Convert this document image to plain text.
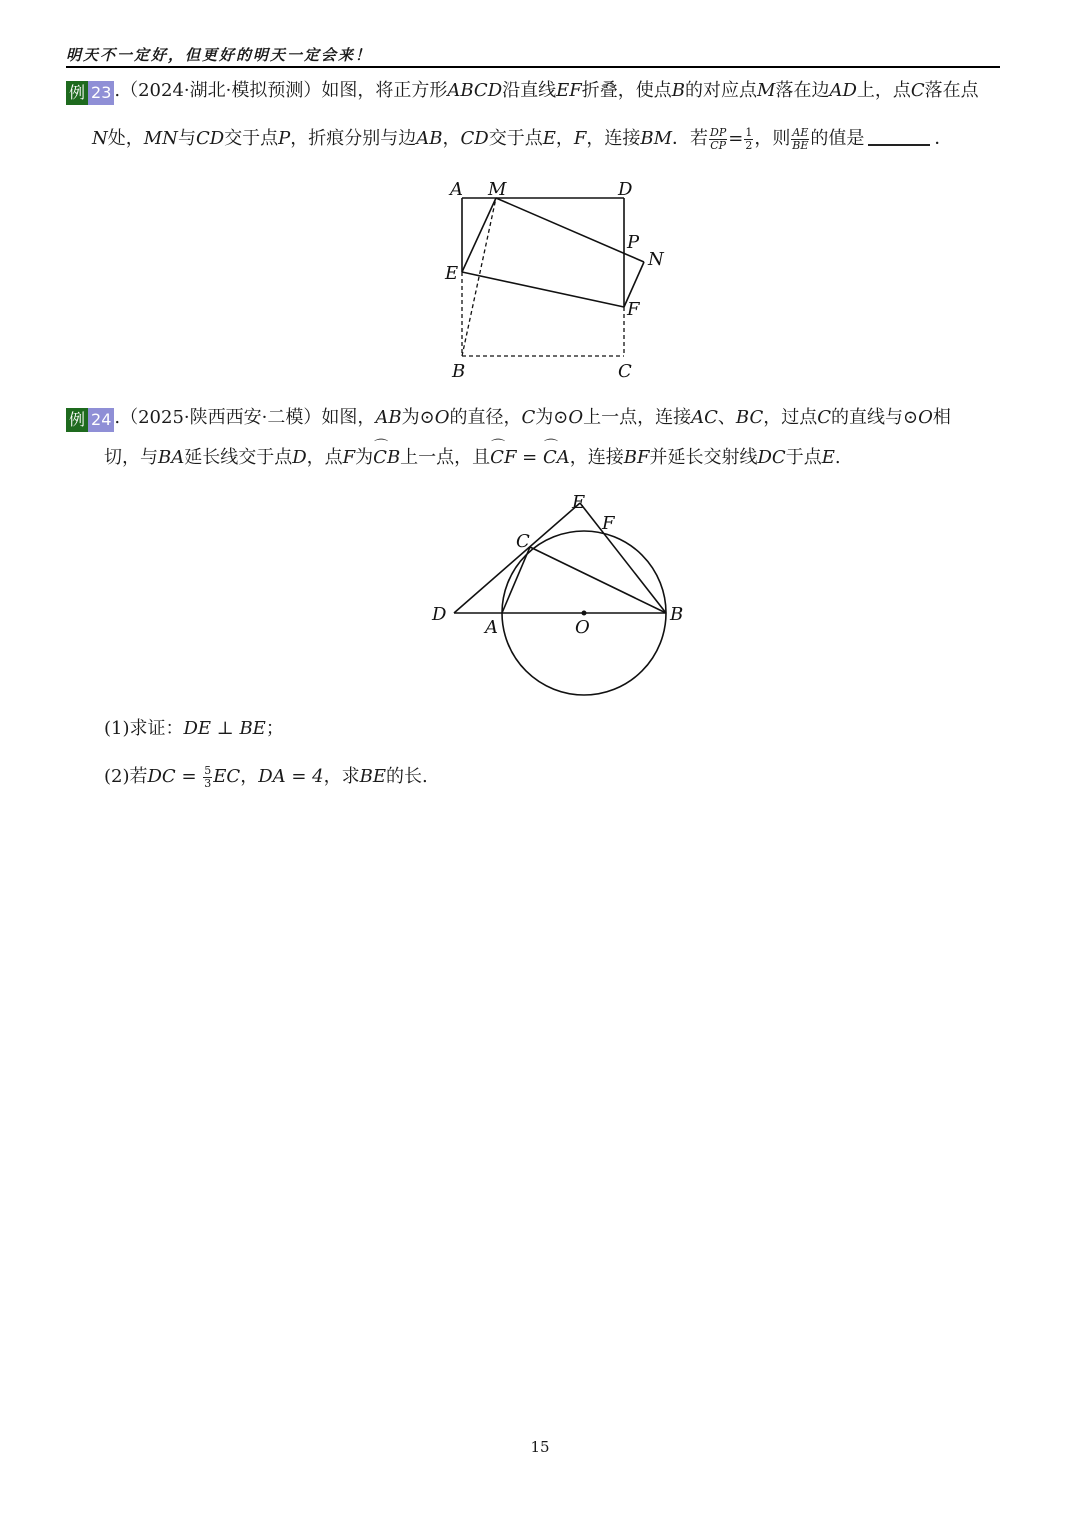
明天不一定好，但更好的明天一定会来！
例 23 .（2024·湖北·模拟预测）如图，将正方形ABCD沿直线EF折叠，使点B的对应点M落在边AD上，点C落在点
N处，MN与CD交于点P，折痕分别与边AB，CD交于点E，F，连接BM．若 $\frac{DP}{CP} = \frac{1}{2}$ ，则 $\frac{AE}{BE}$ 的值是	．
A M	D
P
N
E
F
B	C
例 24 .（2025·陕西西安·二模）如图，AB为⊙O的直径，C为⊙O上一点，连接AC、BC，过点C的直线与⊙O相
切，与BA延长线交于点D，点F为⌒ CB上一点，且⌒ CF = ⌒ CA，连接BF并延长交射线DC于点E.
E
F
C
D
A	O
B
(1)求证：DE ⊥ BE；
(2)若DC = $\frac{5}{3}$ EC，DA = 4，求BE的长.
15
